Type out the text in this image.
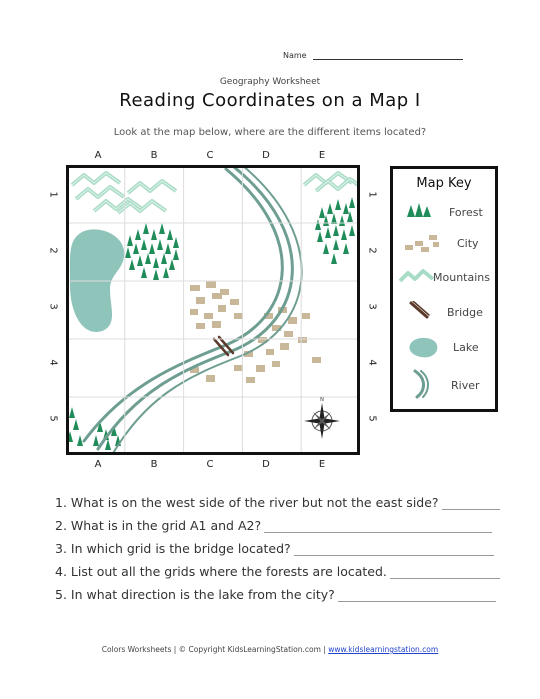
Name
Geography Worksheet
Reading Coordinates on a Map I
Look at the map below, where are the different items located?
A	B	C	D	E
A	B	C	D	E
1
2
3
4
5
1
2
3
4
5
N
Map Key
Forest
City
Mountains
Bridge
Lake
River
1. What is on the west side of the river but not the east side?
2. What is in the grid A1 and A2?
3. In which grid is the bridge located?
4. List out all the grids where the forests are located.
5. In what direction is the lake from the city?
Colors Worksheets | © Copyright KidsLearningStation.com | www.kidslearningstation.com
